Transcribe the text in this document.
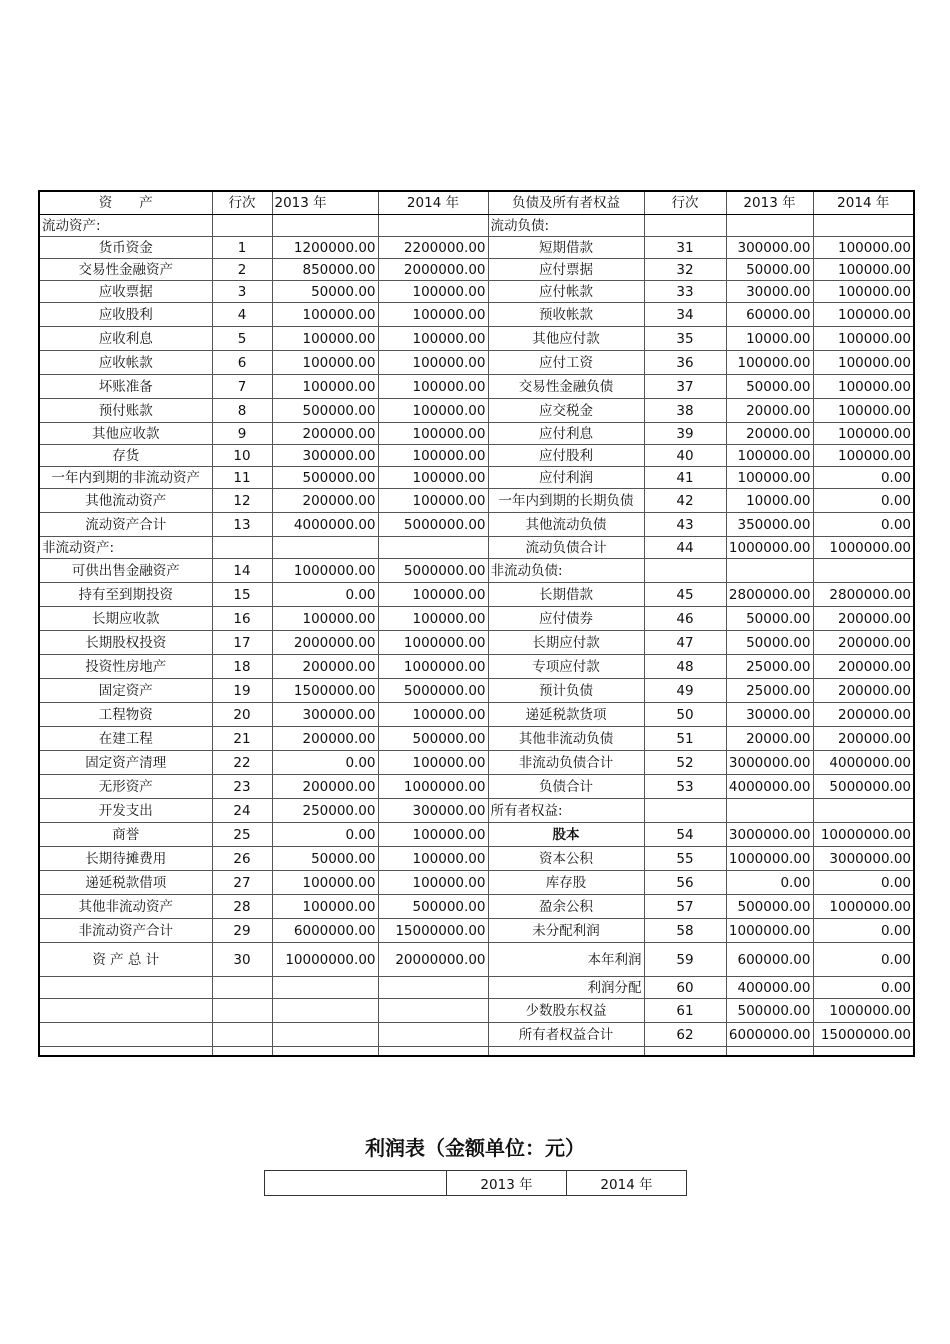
资　　产	行次	2013 年	2014 年	负债及所有者权益	行次	2013 年	2014 年
流动资产:				流动负债:			
货币资金	1	1200000.00	2200000.00	短期借款	31	300000.00	100000.00
交易性金融资产	2	850000.00	2000000.00	应付票据	32	50000.00	100000.00
应收票据	3	50000.00	100000.00	应付帐款	33	30000.00	100000.00
应收股利	4	100000.00	100000.00	预收帐款	34	60000.00	100000.00
应收利息	5	100000.00	100000.00	其他应付款	35	10000.00	100000.00
应收帐款	6	100000.00	100000.00	应付工资	36	100000.00	100000.00
坏账准备	7	100000.00	100000.00	交易性金融负债	37	50000.00	100000.00
预付账款	8	500000.00	100000.00	应交税金	38	20000.00	100000.00
其他应收款	9	200000.00	100000.00	应付利息	39	20000.00	100000.00
存货	10	300000.00	100000.00	应付股利	40	100000.00	100000.00
一年内到期的非流动资产	11	500000.00	100000.00	应付利润	41	100000.00	0.00
其他流动资产	12	200000.00	100000.00	一年内到期的长期负债	42	10000.00	0.00
流动资产合计	13	4000000.00	5000000.00	其他流动负债	43	350000.00	0.00
非流动资产:				流动负债合计	44	1000000.00	1000000.00
可供出售金融资产	14	1000000.00	5000000.00	非流动负债:			
持有至到期投资	15	0.00	100000.00	长期借款	45	2800000.00	2800000.00
长期应收款	16	100000.00	100000.00	应付债券	46	50000.00	200000.00
长期股权投资	17	2000000.00	1000000.00	长期应付款	47	50000.00	200000.00
投资性房地产	18	200000.00	1000000.00	专项应付款	48	25000.00	200000.00
固定资产	19	1500000.00	5000000.00	预计负债	49	25000.00	200000.00
工程物资	20	300000.00	100000.00	递延税款货项	50	30000.00	200000.00
在建工程	21	200000.00	500000.00	其他非流动负债	51	20000.00	200000.00
固定资产清理	22	0.00	100000.00	非流动负债合计	52	3000000.00	4000000.00
无形资产	23	200000.00	1000000.00	负债合计	53	4000000.00	5000000.00
开发支出	24	250000.00	300000.00	所有者权益:			
商誉	25	0.00	100000.00	股本	54	3000000.00	10000000.00
长期待摊费用	26	50000.00	100000.00	资本公积	55	1000000.00	3000000.00
递延税款借项	27	100000.00	100000.00	库存股	56	0.00	0.00
其他非流动资产	28	100000.00	500000.00	盈余公积	57	500000.00	1000000.00
非流动资产合计	29	6000000.00	15000000.00	未分配利润	58	1000000.00	0.00
资 产 总 计	30	10000000.00	20000000.00	本年利润	59	600000.00	0.00
				利润分配	60	400000.00	0.00
				少数股东权益	61	500000.00	1000000.00
				所有者权益合计	62	6000000.00	15000000.00

利润表（金额单位：元）
	2013 年	2014 年
